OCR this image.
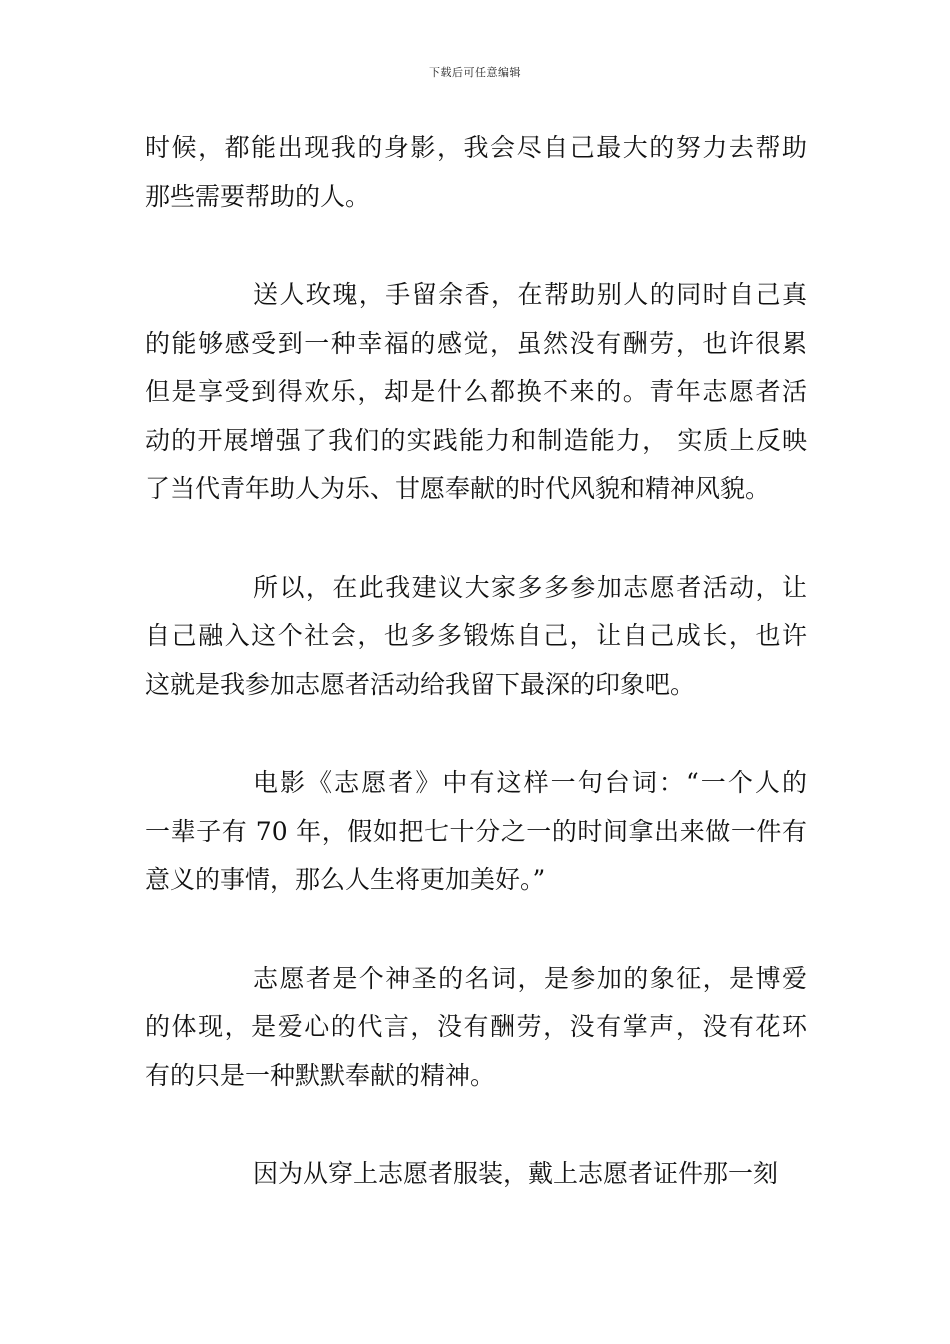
下载后可任意编辑
时候，都能出现我的身影，我会尽自己最大的努力去帮助
那些需要帮助的人。
送人玫瑰，手留余香，在帮助别人的同时自己真
的能够感受到一种幸福的感觉，虽然没有酬劳，也许很累
但是享受到得欢乐，却是什么都换不来的。青年志愿者活
动的开展增强了我们的实践能力和制造能力， 实质上反映
了当代青年助人为乐、甘愿奉献的时代风貌和精神风貌。
所以，在此我建议大家多多参加志愿者活动，让
自己融入这个社会，也多多锻炼自己，让自己成长，也许
这就是我参加志愿者活动给我留下最深的印象吧。
电影《志愿者》中有这样一句台词：“一个人的
一辈子有 70 年，假如把七十分之一的时间拿出来做一件有
意义的事情，那么人生将更加美好。”
志愿者是个神圣的名词，是参加的象征，是博爱
的体现，是爱心的代言，没有酬劳，没有掌声，没有花环
有的只是一种默默奉献的精神。
因为从穿上志愿者服装，戴上志愿者证件那一刻
